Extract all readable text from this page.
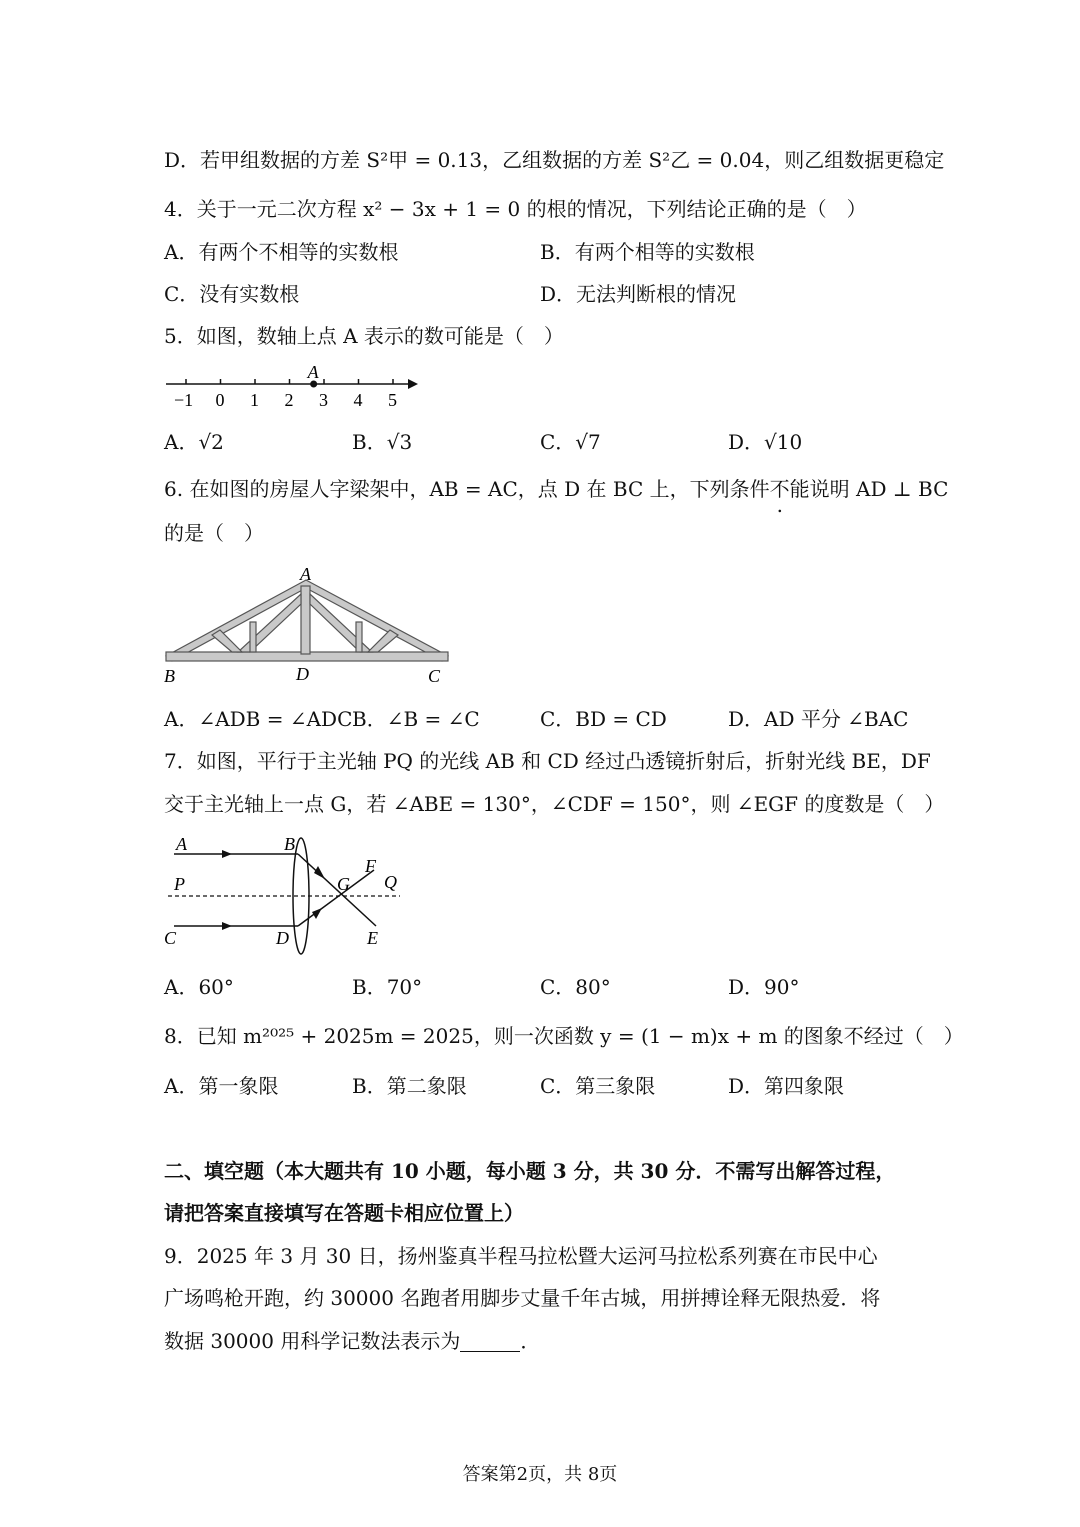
D．若甲组数据的方差 S²甲 = 0.13，乙组数据的方差 S²乙 = 0.04，则乙组数据更稳定
4．关于一元二次方程 x² − 3x + 1 = 0 的根的情况，下列结论正确的是（　）
A．有两个不相等的实数根	B．有两个相等的实数根
C．没有实数根	D．无法判断根的情况
5．如图，数轴上点 A 表示的数可能是（　）
−1 0 1 2 3 4 5
A
A．√2	B．√3	C．√7	D．√10
6. 在如图的房屋人字梁架中，AB = AC，点 D 在 BC 上，下列条件不能说明 AD ⊥ BC
的是（　）
A
B	D	C
A．∠ADB = ∠ADC B．∠B = ∠C	C．BD = CD	D．AD 平分 ∠BAC
7．如图，平行于主光轴 PQ 的光线 AB 和 CD 经过凸透镜折射后，折射光线 BE，DF
交于主光轴上一点 G，若 ∠ABE = 130°，∠CDF = 150°，则 ∠EGF 的度数是（　）
A	B
F
P	G Q
C	D	E
A．60°	B．70°	C．80°	D．90°
8．已知 m²⁰²⁵ + 2025m = 2025，则一次函数 y = (1 − m)x + m 的图象不经过（　）
A．第一象限	B．第二象限	C．第三象限	D．第四象限
二、填空题（本大题共有 10 小题，每小题 3 分，共 30 分．不需写出解答过程，
请把答案直接填写在答题卡相应位置上）
9．2025 年 3 月 30 日，扬州鉴真半程马拉松暨大运河马拉松系列赛在市民中心
广场鸣枪开跑，约 30000 名跑者用脚步丈量千年古城，用拼搏诠释无限热爱．将
数据 30000 用科学记数法表示为	．
答案第2页，共 8页
